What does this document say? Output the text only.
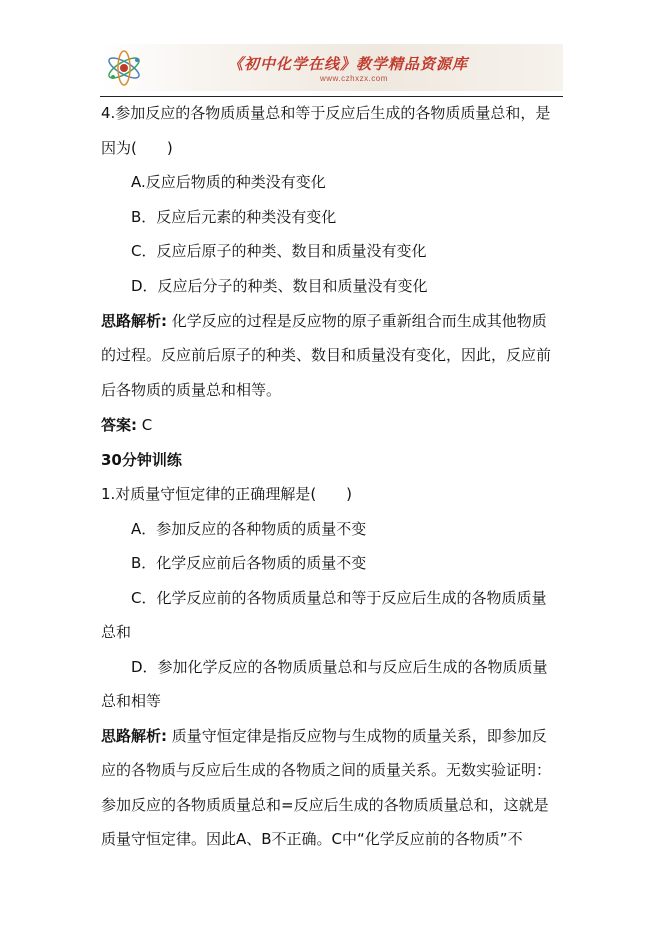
《初中化学在线》教学精品资源库
www.czhxzx.com
4.参加反应的各物质质量总和等于反应后生成的各物质质量总和，是
因为(　　)
A.反应后物质的种类没有变化
B．反应后元素的种类没有变化
C．反应后原子的种类、数目和质量没有变化
D．反应后分子的种类、数目和质量没有变化
思路解析: 化学反应的过程是反应物的原子重新组合而生成其他物质
的过程。反应前后原子的种类、数目和质量没有变化，因此，反应前
后各物质的质量总和相等。
答案: C
30分钟训练
1.对质量守恒定律的正确理解是(　　)
A．参加反应的各种物质的质量不变
B．化学反应前后各物质的质量不变
C．化学反应前的各物质质量总和等于反应后生成的各物质质量
总和
D．参加化学反应的各物质质量总和与反应后生成的各物质质量
总和相等
思路解析: 质量守恒定律是指反应物与生成物的质量关系，即参加反
应的各物质与反应后生成的各物质之间的质量关系。无数实验证明：
参加反应的各物质质量总和=反应后生成的各物质质量总和，这就是
质量守恒定律。因此A、B不正确。C中“化学反应前的各物质”不
